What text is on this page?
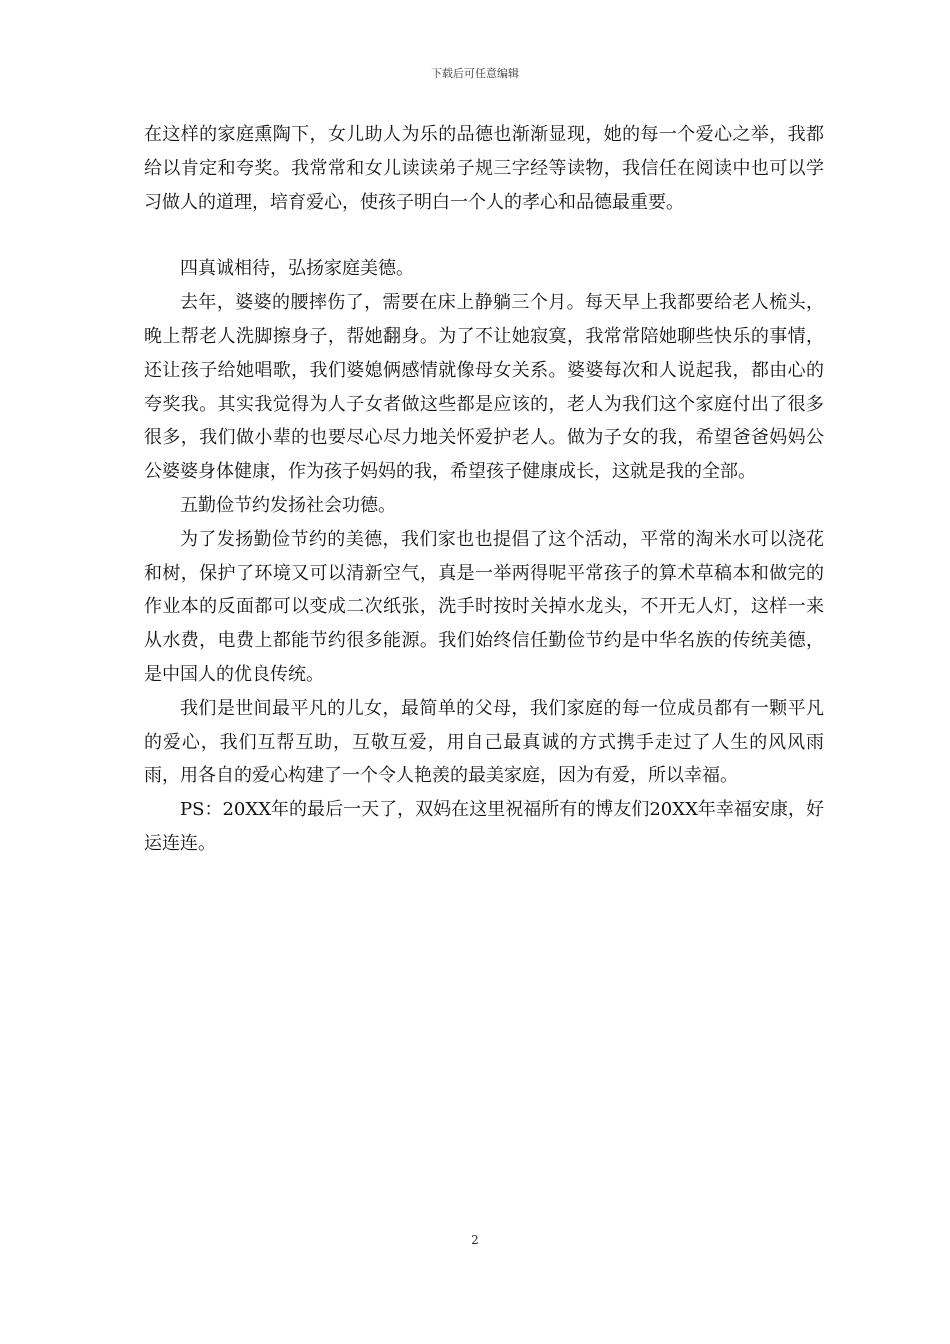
下载后可任意编辑

在这样的家庭熏陶下，女儿助人为乐的品德也渐渐显现，她的每一个爱心之举，我都给以肯定和夸奖。我常常和女儿读读弟子规三字经等读物，我信任在阅读中也可以学习做人的道理，培育爱心，使孩子明白一个人的孝心和品德最重要。

四真诚相待，弘扬家庭美德。

去年，婆婆的腰摔伤了，需要在床上静躺三个月。每天早上我都要给老人梳头，晚上帮老人洗脚擦身子，帮她翻身。为了不让她寂寞，我常常陪她聊些快乐的事情，还让孩子给她唱歌，我们婆媳俩感情就像母女关系。婆婆每次和人说起我，都由心的夸奖我。其实我觉得为人子女者做这些都是应该的，老人为我们这个家庭付出了很多很多，我们做小辈的也要尽心尽力地关怀爱护老人。做为子女的我，希望爸爸妈妈公公婆婆身体健康，作为孩子妈妈的我，希望孩子健康成长，这就是我的全部。

五勤俭节约发扬社会功德。

为了发扬勤俭节约的美德，我们家也也提倡了这个活动，平常的淘米水可以浇花和树，保护了环境又可以清新空气，真是一举两得呢平常孩子的算术草稿本和做完的作业本的反面都可以变成二次纸张，洗手时按时关掉水龙头，不开无人灯，这样一来从水费，电费上都能节约很多能源。我们始终信任勤俭节约是中华名族的传统美德，是中国人的优良传统。

我们是世间最平凡的儿女，最简单的父母，我们家庭的每一位成员都有一颗平凡的爱心，我们互帮互助，互敬互爱，用自己最真诚的方式携手走过了人生的风风雨雨，用各自的爱心构建了一个令人艳羡的最美家庭，因为有爱，所以幸福。

PS：20XX年的最后一天了，双妈在这里祝福所有的博友们20XX年幸福安康，好运连连。

2
